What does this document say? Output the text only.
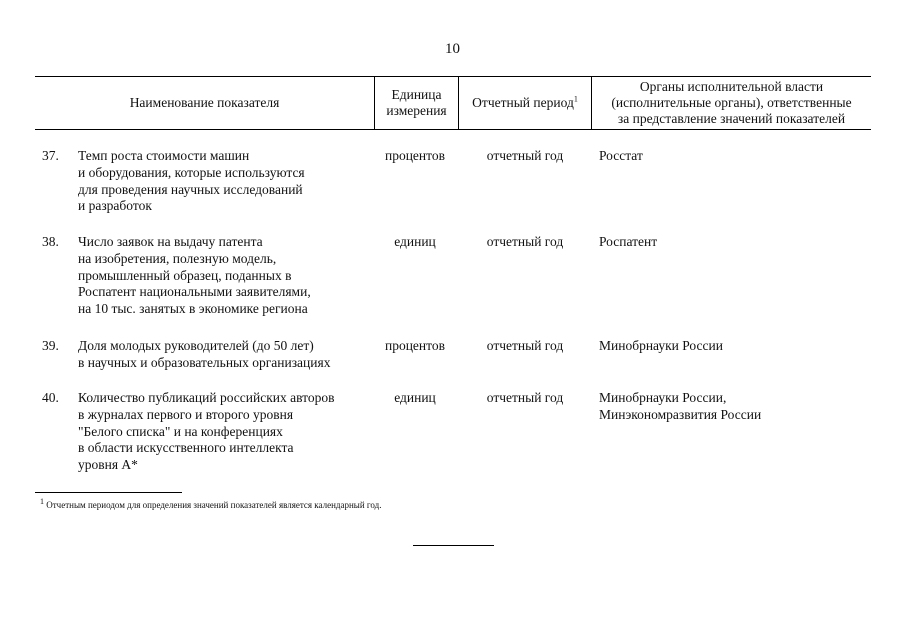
10
Наименование показателя
Единица
измерения
Отчетный период$^1$
Органы исполнительной власти
(исполнительные органы), ответственные
за представление значений показателей
37. Темп роста стоимости машин
и оборудования, которые используются
для проведения научных исследований
и разработок
процентов	отчетный год	Росстат
38. Число заявок на выдачу патента
на изобретения, полезную модель,
промышленный образец, поданных в
Роспатент национальными заявителями,
на 10 тыс. занятых в экономике региона
единиц	отчетный год	Роспатент
39. Доля молодых руководителей (до 50 лет)
в научных и образовательных организациях
процентов	отчетный год	Минобрнауки России
40. Количество публикаций российских авторов
в журналах первого и второго уровня
"Белого списка" и на конференциях
в области искусственного интеллекта
уровня А*
единиц	отчетный год	Минобрнауки России,
Минэкономразвития России
$^1$ Отчетным периодом для определения значений показателей является календарный год.
